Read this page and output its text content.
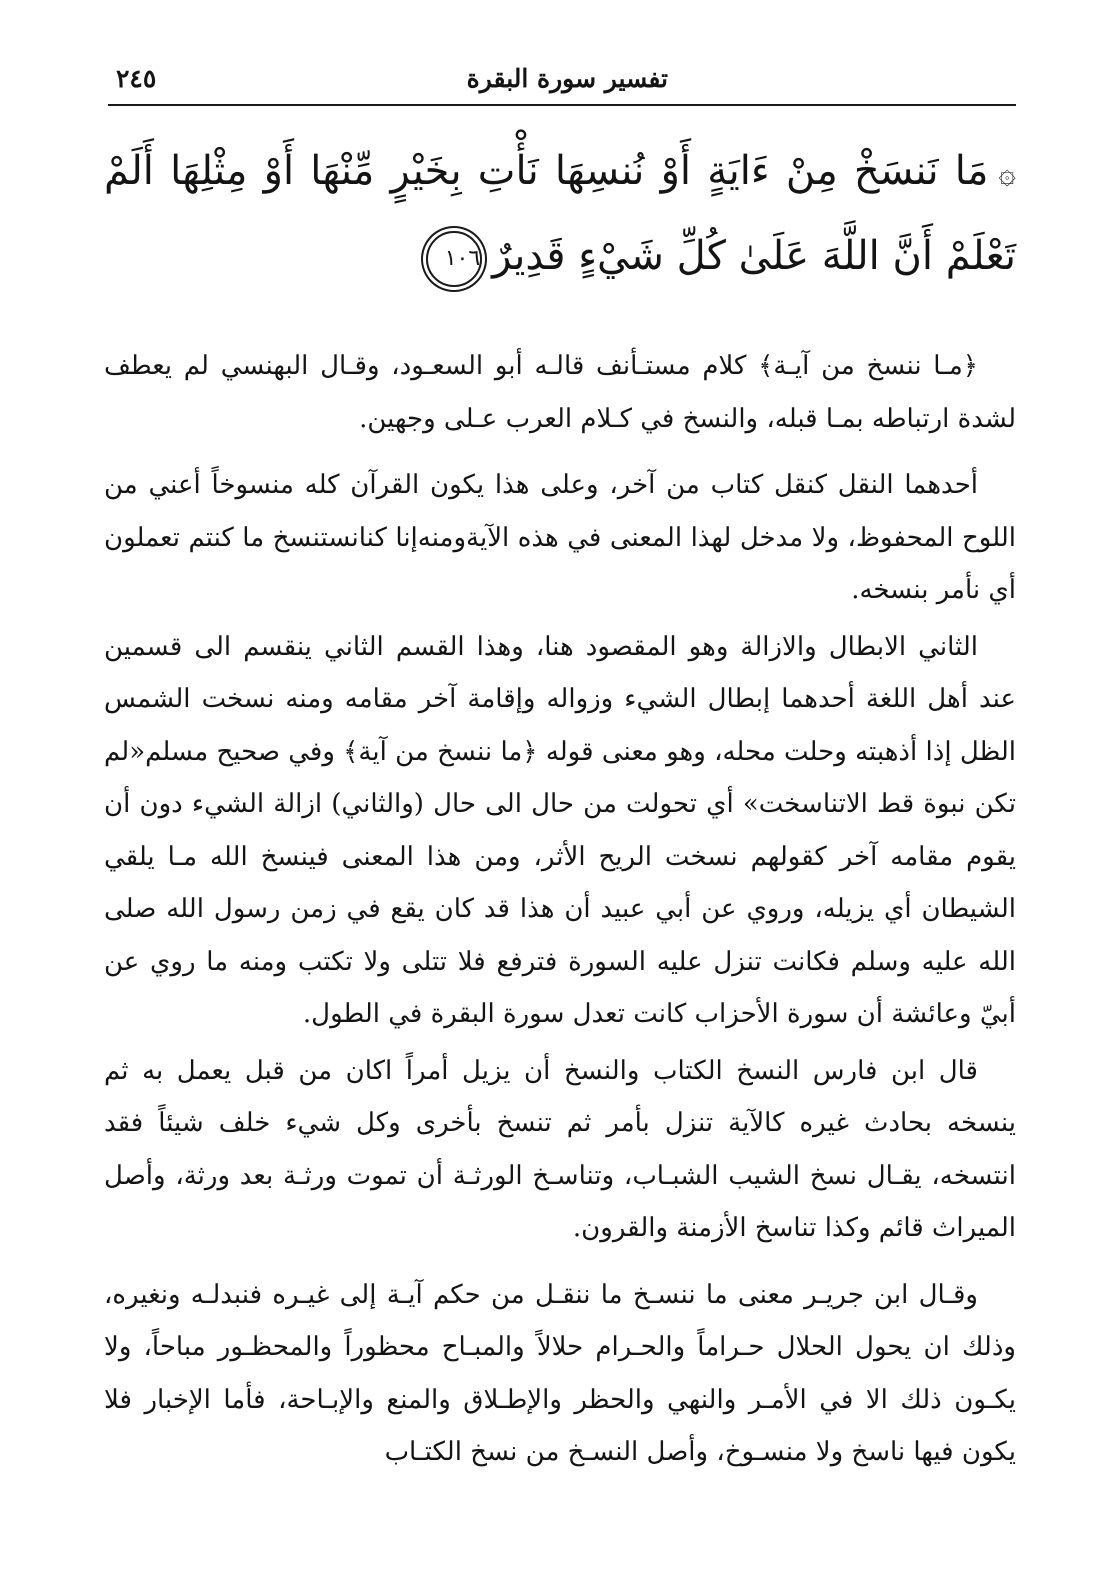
تفسير سورة البقرة
٢٤٥
۞مَا نَنسَخْ مِنْ ءَايَةٍ أَوْ نُنسِهَا نَأْتِ بِخَيْرٍ مِّنْهَا أَوْ مِثْلِهَا أَلَمْ تَعْلَمْ أَنَّ اللَّهَ عَلَىٰ كُلِّ شَيْءٍ قَدِيرٌ١٠٦

﴿مـا ننسخ من آيـة﴾ كلام مستـأنف قالـه أبو السعـود، وقـال البهنسي لم يعطف لشدة ارتباطه بمـا قبله، والنسخ في كـلام العرب عـلى وجهين.

أحدهما النقل كنقل كتاب من آخر، وعلى هذا يكون القرآن كله منسوخاً أعني من اللوح المحفوظ، ولا مدخل لهذا المعنى في هذه الآيةومنه‌إنا كنانستنسخ ما كنتم تعملون أي نأمر بنسخه.

الثاني الابطال والازالة وهو المقصود هنا، وهذا القسم الثاني ينقسم الى قسمين عند أهل اللغة أحدهما إبطال الشيء وزواله وإقامة آخر مقامه ومنه نسخت الشمس الظل إذا أذهبته وحلت محله، وهو معنى قوله ﴿ما ننسخ من آية﴾ وفي صحيح مسلم«لم تكن نبوة قط الاتناسخت» أي تحولت من حال الى حال (والثاني) ازالة الشيء دون أن يقوم مقامه آخر كقولهم نسخت الريح الأثر، ومن هذا المعنى فينسخ الله مـا يلقي الشيطان أي يزيله، وروي عن أبي عبيد أن هذا قد كان يقع في زمن رسول الله صلى الله عليه وسلم فكانت تنزل عليه السورة فترفع فلا تتلى ولا تكتب ومنه ما روي عن أبيّ وعائشة أن سورة الأحزاب كانت تعدل سورة البقرة في الطول.

قال ابن فارس النسخ الكتاب والنسخ أن يزيل أمراً اكان من قبل يعمل به ثم ينسخه بحادث غيره كالآية تنزل بأمر ثم تنسخ بأخرى وكل شيء خلف شيئاً فقد انتسخه، يقـال نسخ الشيب الشبـاب، وتناسـخ الورثـة أن تموت ورثـة بعد ورثة، وأصل الميراث قائم وكذا تناسخ الأزمنة والقرون.

وقـال ابن جريـر معنى ما ننسـخ ما ننقـل من حكم آيـة إلى غيـره فنبدلـه ونغيره، وذلك ان يحول الحلال حـراماً والحـرام حلالاً والمبـاح محظوراً والمحظـور مباحاً، ولا يكـون ذلك الا في الأمـر والنهي والحظر والإطـلاق والمنع والإبـاحة، فأما الإخبار فلا يكون فيها ناسخ ولا منسـوخ، وأصل النسـخ من نسخ الكتـاب
